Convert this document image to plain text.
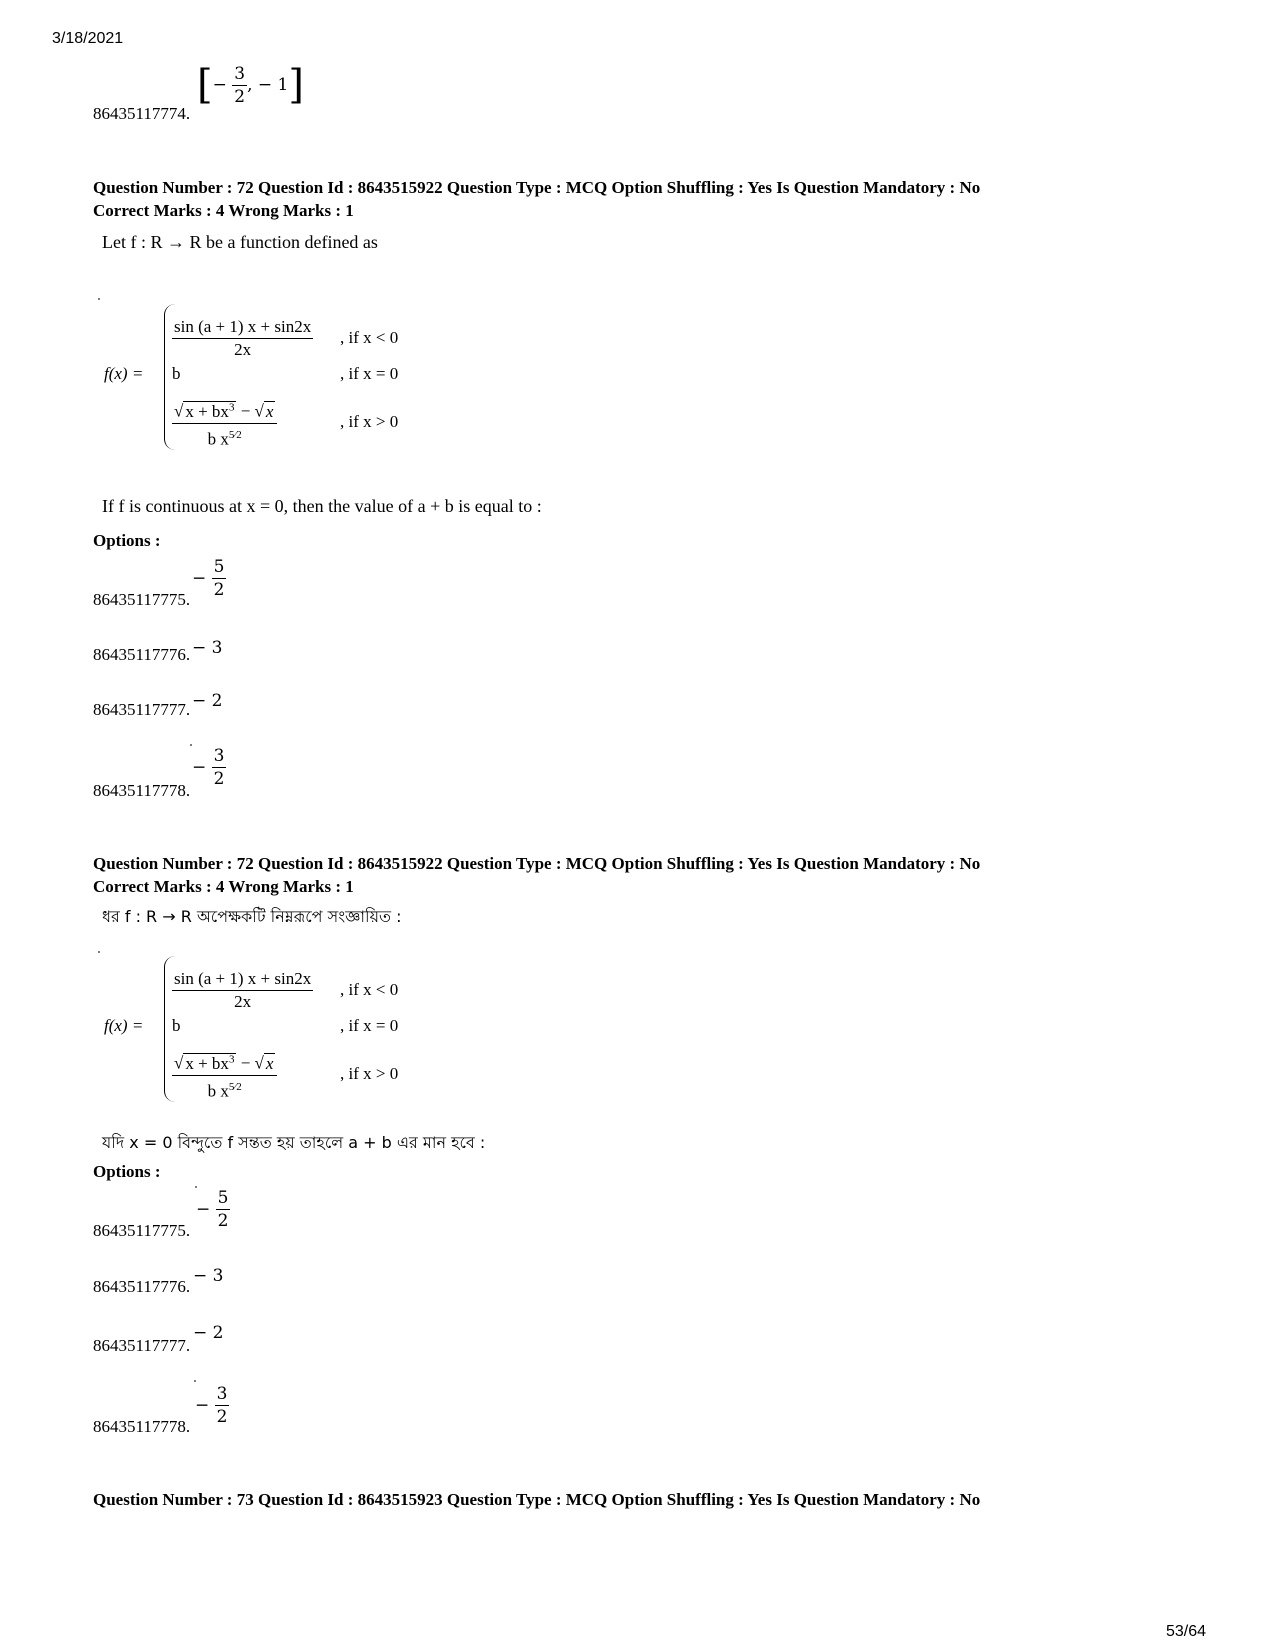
3/18/2021
53/64
86435117774.
[− $\frac{3}{2}$ , − 1]
Question Number : 72 Question Id : 8643515922 Question Type : MCQ Option Shuffling : Yes Is Question Mandatory : No
Correct Marks : 4 Wrong Marks : 1
Let f : R → R be a function defined as
f(x) =
$\frac{\sin (a + 1) x + \sin 2x}{2x}$ , if x < 0
b	, if x = 0
$\frac{√ x + bx^3 - √ x}{b x^{5⁄2}}$	, if x > 0
If f is continuous at x = 0, then the value of a + b is equal to :
Options :
86435117775.
− $\frac{5}{2}$
86435117776. − 3
86435117777. − 2
86435117778.
− $\frac{3}{2}$
Question Number : 72 Question Id : 8643515922 Question Type : MCQ Option Shuffling : Yes Is Question Mandatory : No
Correct Marks : 4 Wrong Marks : 1
ধর f : R → R অপেক্ষকটি নিম্নরূপে সংজ্ঞায়িত :
f(x) =
$\frac{\sin (a + 1) x + \sin 2x}{2x}$ , if x < 0
b	, if x = 0
$\frac{√ x + bx^3 - √ x}{b x^{5⁄2}}$	, if x > 0
যদি x = 0 বিন্দুতে f সন্তত হয় তাহলে a + b এর মান হবে :
Options :
86435117775.
− $\frac{5}{2}$
86435117776.
− 3
86435117777.
− 2
86435117778.
− $\frac{3}{2}$
Question Number : 73 Question Id : 8643515923 Question Type : MCQ Option Shuffling : Yes Is Question Mandatory : No
